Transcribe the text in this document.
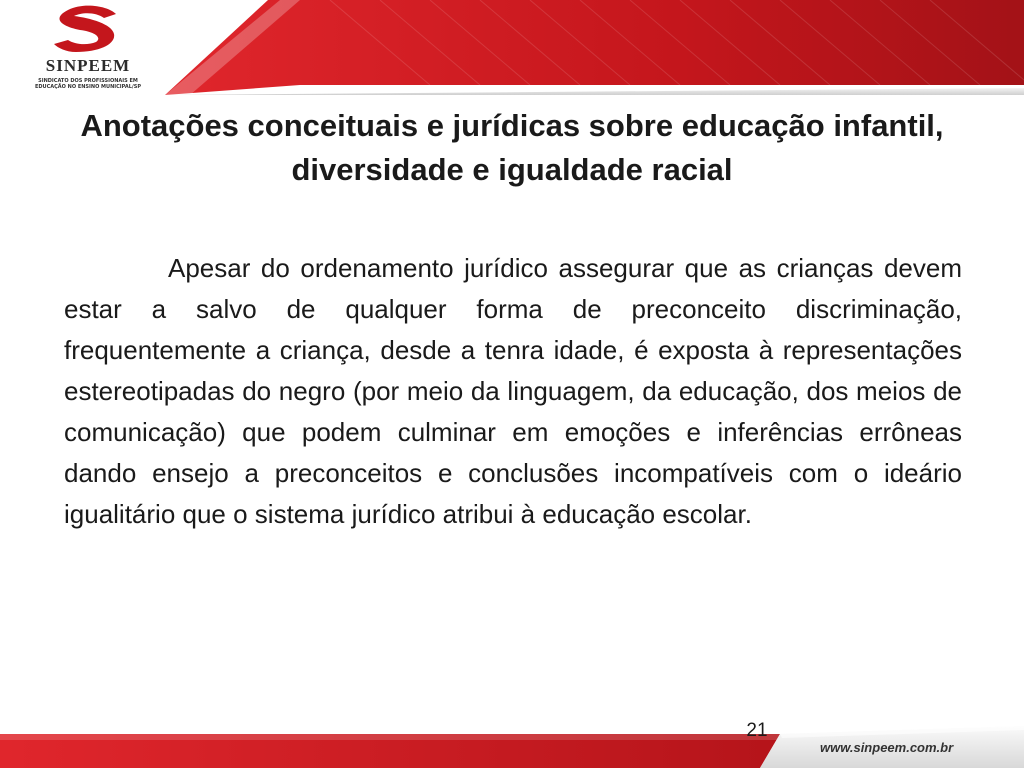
SINPEEM
SINDICATO DOS PROFISSIONAIS EM EDUCAÇÃO NO ENSINO MUNICIPAL/SP
Anotações conceituais e jurídicas sobre educação infantil, diversidade e igualdade racial

Apesar do ordenamento jurídico assegurar que as crianças devem estar a salvo de qualquer forma de preconceito discriminação, frequentemente a criança, desde a tenra idade, é exposta à representações estereotipadas do negro (por meio da linguagem, da educação, dos meios de comunicação) que podem culminar em emoções e inferências errôneas dando ensejo a preconceitos e conclusões incompatíveis com o ideário igualitário que o sistema jurídico atribui à educação escolar.

21
www.sinpeem.com.br
